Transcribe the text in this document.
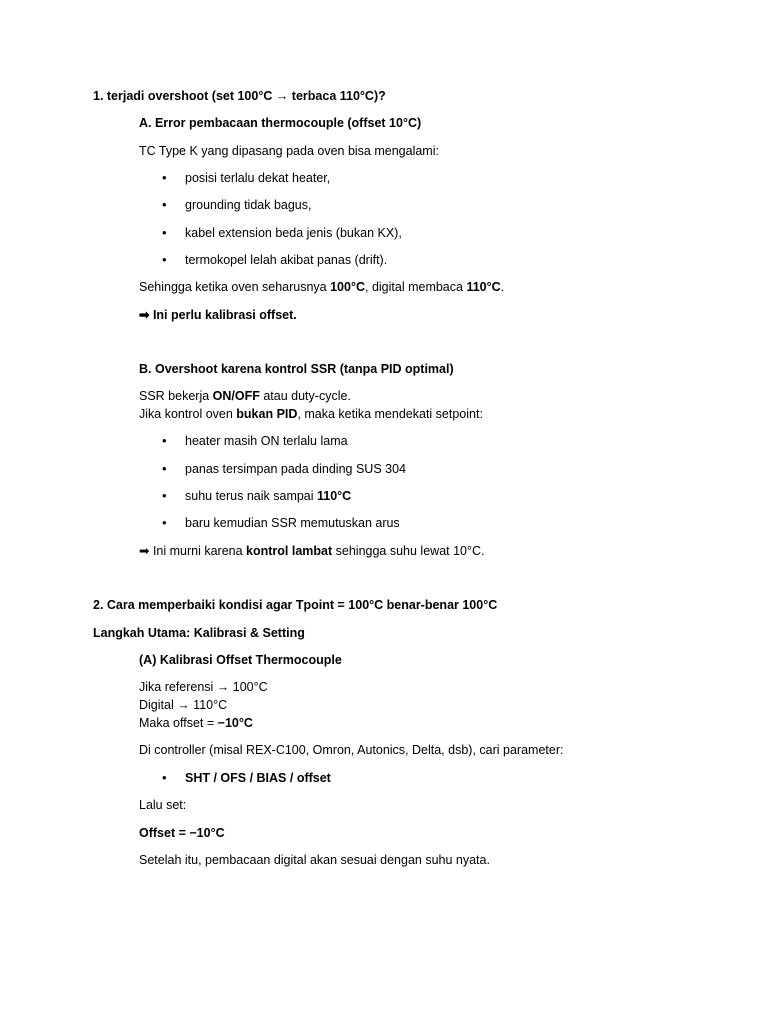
1. terjadi overshoot (set 100°C → terbaca 110°C)?
A. Error pembacaan thermocouple (offset 10°C)
TC Type K yang dipasang pada oven bisa mengalami:
• posisi terlalu dekat heater,
• grounding tidak bagus,
• kabel extension beda jenis (bukan KX),
• termokopel lelah akibat panas (drift).
Sehingga ketika oven seharusnya 100°C, digital membaca 110°C.
➡ Ini perlu kalibrasi offset.
B. Overshoot karena kontrol SSR (tanpa PID optimal)
SSR bekerja ON/OFF atau duty-cycle.
Jika kontrol oven bukan PID, maka ketika mendekati setpoint:
• heater masih ON terlalu lama
• panas tersimpan pada dinding SUS 304
• suhu terus naik sampai 110°C
• baru kemudian SSR memutuskan arus
➡ Ini murni karena kontrol lambat sehingga suhu lewat 10°C.
2. Cara memperbaiki kondisi agar Tpoint = 100°C benar-benar 100°C
Langkah Utama: Kalibrasi & Setting
(A) Kalibrasi Offset Thermocouple
Jika referensi → 100°C
Digital → 110°C
Maka offset = −10°C
Di controller (misal REX-C100, Omron, Autonics, Delta, dsb), cari parameter:
• SHT / OFS / BIAS / offset
Lalu set:
Offset = −10°C
Setelah itu, pembacaan digital akan sesuai dengan suhu nyata.
